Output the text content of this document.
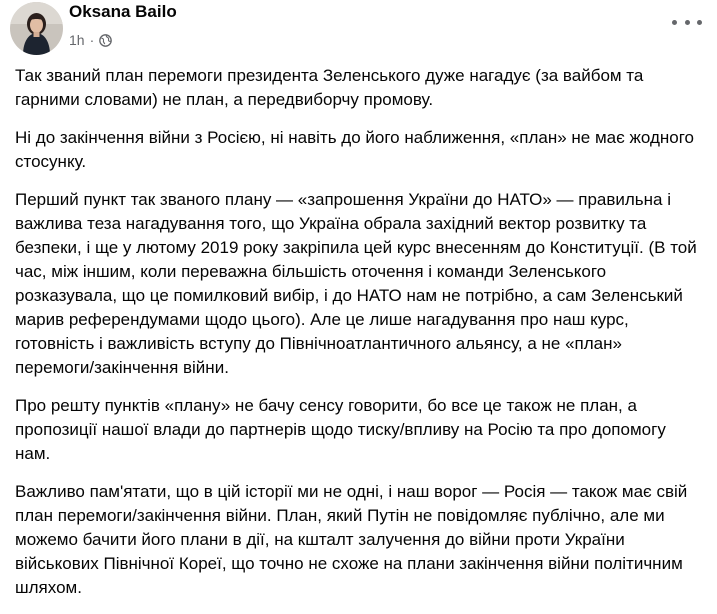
Oksana Bailo
1h ·

Так званий план перемоги президента Зеленського дуже нагадує (за вайбом та гарними словами) не план, а передвиборчу промову.

Ні до закінчення війни з Росією, ні навіть до його наближення, «план» не має жодного стосунку.

Перший пункт так званого плану — «запрошення України до НАТО» — правильна і важлива теза нагадування того, що Україна обрала західний вектор розвитку та безпеки, і ще у лютому 2019 року закріпила цей курс внесенням до Конституції. (В той час, між іншим, коли переважна більшість оточення і команди Зеленського розказувала, що це помилковий вибір, і до НАТО нам не потрібно, а сам Зеленський марив референдумами щодо цього). Але це лише нагадування про наш курс, готовність і важливість вступу до Північноатлантичного альянсу, а не «план» перемоги/закінчення війни.

Про решту пунктів «плану» не бачу сенсу говорити, бо все це також не план, а пропозиції нашої влади до партнерів щодо тиску/впливу на Росію та про допомогу нам.

Важливо пам'ятати, що в цій історії ми не одні, і наш ворог — Росія — також має свій план перемоги/закінчення війни. План, який Путін не повідомляє публічно, але ми можемо бачити його плани в дії, на кшталт залучення до війни проти України військових Північної Кореї, що точно не схоже на плани закінчення війни політичним шляхом.
